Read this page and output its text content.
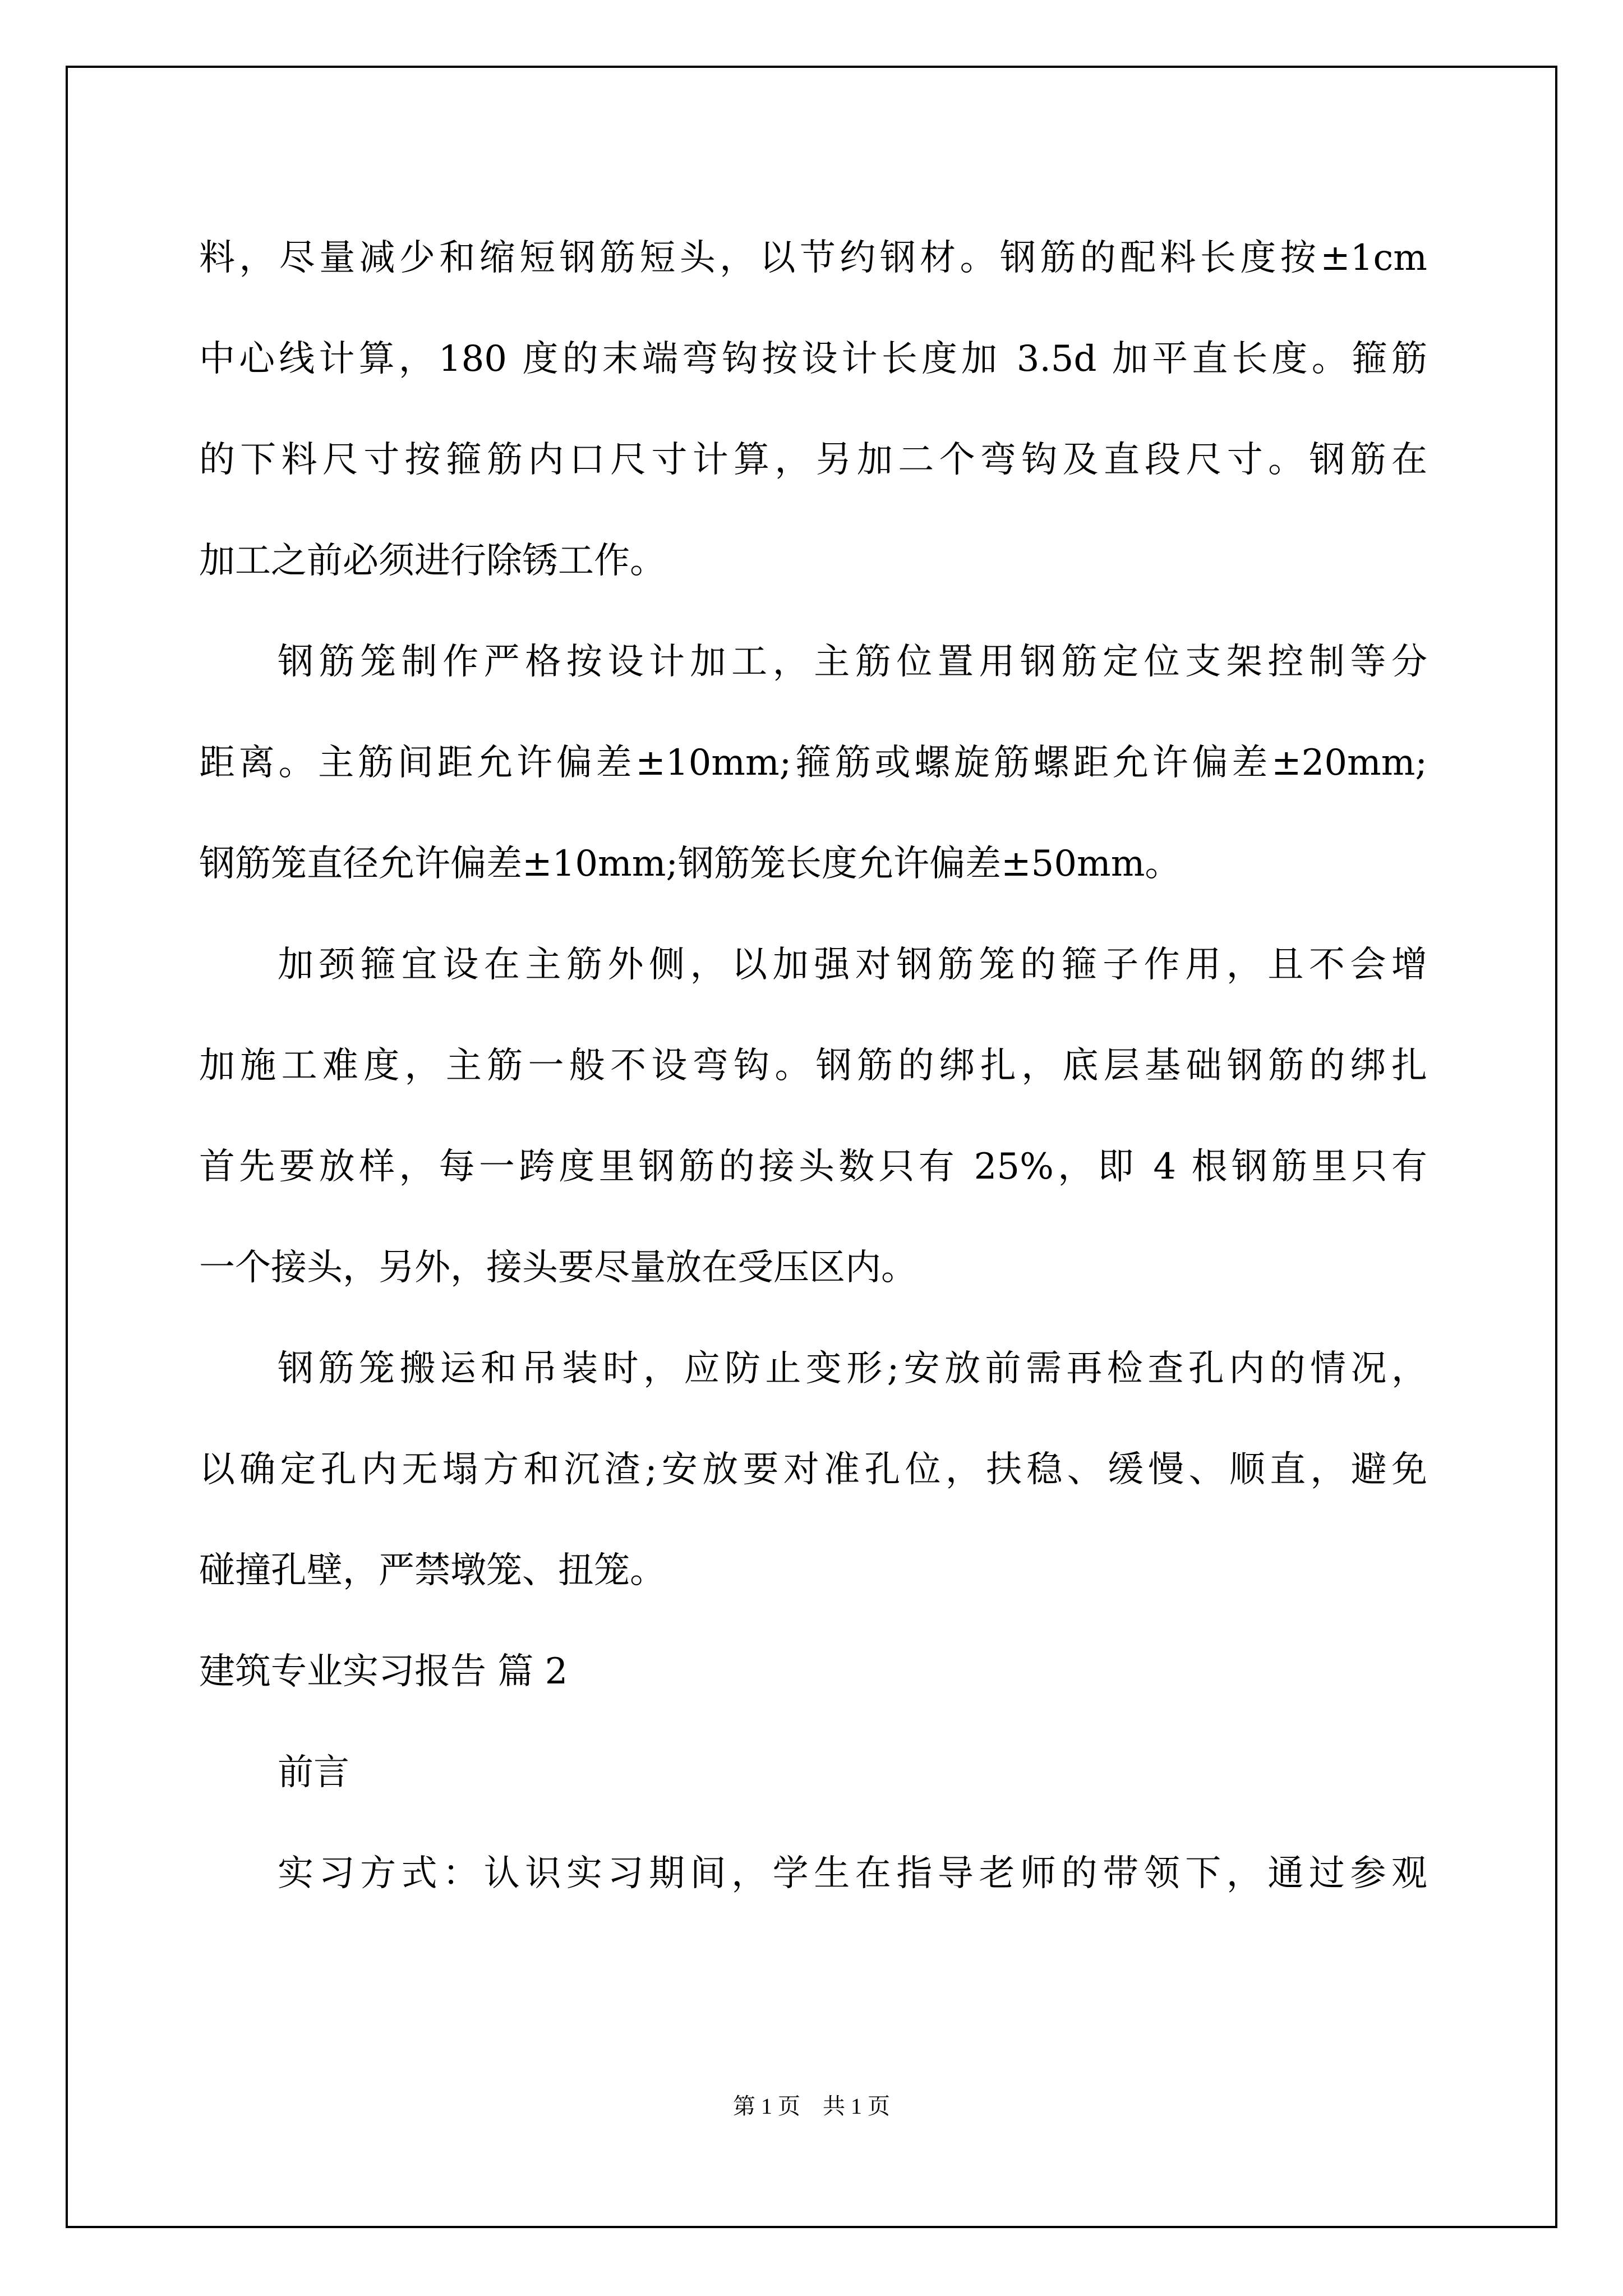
料，尽量减少和缩短钢筋短头，以节约钢材。钢筋的配料长度按±1cm
中心线计算，180 度的末端弯钩按设计长度加 3.5d 加平直长度。箍筋
的下料尺寸按箍筋内口尺寸计算，另加二个弯钩及直段尺寸。钢筋在
加工之前必须进行除锈工作。
钢筋笼制作严格按设计加工，主筋位置用钢筋定位支架控制等分
距离。主筋间距允许偏差±10mm;箍筋或螺旋筋螺距允许偏差±20mm;
钢筋笼直径允许偏差±10mm;钢筋笼长度允许偏差±50mm。
加颈箍宜设在主筋外侧，以加强对钢筋笼的箍子作用，且不会增
加施工难度，主筋一般不设弯钩。钢筋的绑扎，底层基础钢筋的绑扎
首先要放样，每一跨度里钢筋的接头数只有 25%，即 4 根钢筋里只有
一个接头，另外，接头要尽量放在受压区内。
钢筋笼搬运和吊装时，应防止变形;安放前需再检查孔内的情况，
以确定孔内无塌方和沉渣;安放要对准孔位，扶稳、缓慢、顺直，避免
碰撞孔壁，严禁墩笼、扭笼。
建筑专业实习报告 篇 2
前言
实习方式：认识实习期间，学生在指导老师的带领下，通过参观
第 1 页　共 1 页
